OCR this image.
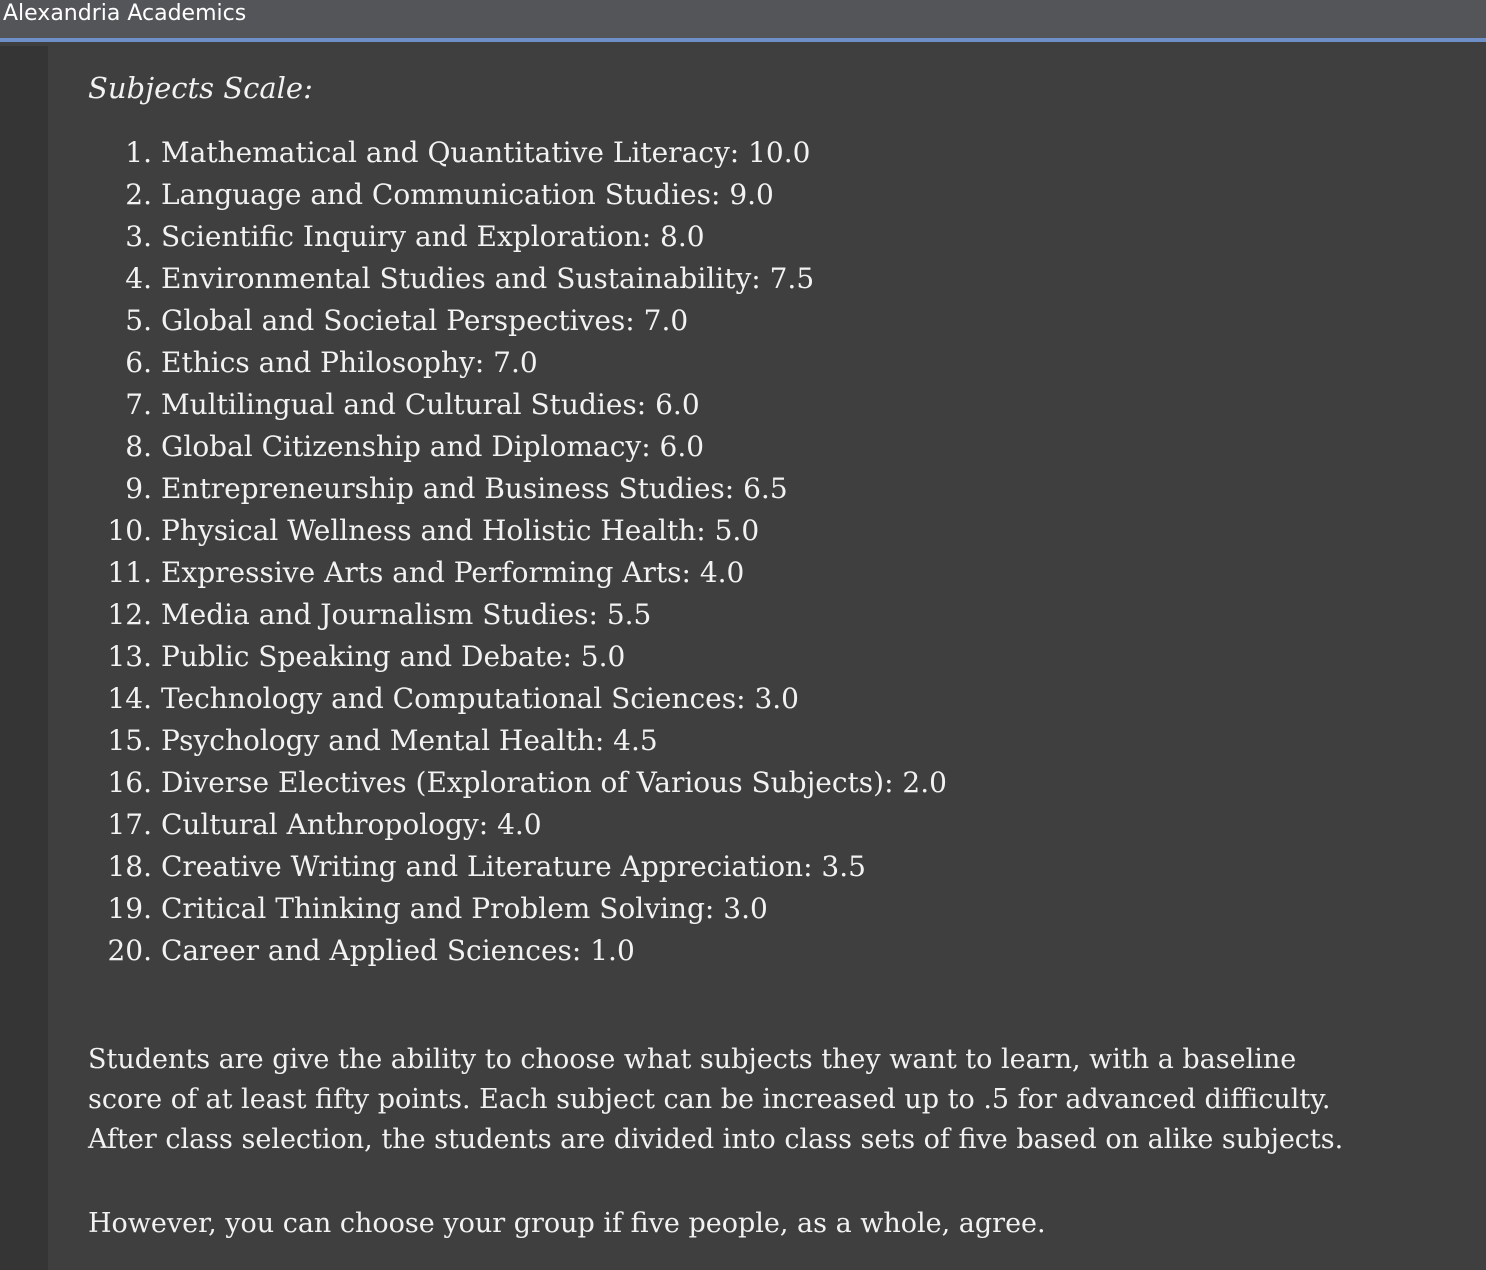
Alexandria Academics
Subjects Scale:
1. Mathematical and Quantitative Literacy: 10.0
2. Language and Communication Studies: 9.0
3. Scientific Inquiry and Exploration: 8.0
4. Environmental Studies and Sustainability: 7.5
5. Global and Societal Perspectives: 7.0
6. Ethics and Philosophy: 7.0
7. Multilingual and Cultural Studies: 6.0
8. Global Citizenship and Diplomacy: 6.0
9. Entrepreneurship and Business Studies: 6.5
10. Physical Wellness and Holistic Health: 5.0
11. Expressive Arts and Performing Arts: 4.0
12. Media and Journalism Studies: 5.5
13. Public Speaking and Debate: 5.0
14. Technology and Computational Sciences: 3.0
15. Psychology and Mental Health: 4.5
16. Diverse Electives (Exploration of Various Subjects): 2.0
17. Cultural Anthropology: 4.0
18. Creative Writing and Literature Appreciation: 3.5
19. Critical Thinking and Problem Solving: 3.0
20. Career and Applied Sciences: 1.0
Students are give the ability to choose what subjects they want to learn, with a baseline
score of at least fifty points. Each subject can be increased up to .5 for advanced difficulty.
After class selection, the students are divided into class sets of five based on alike subjects.
However, you can choose your group if five people, as a whole, agree.
